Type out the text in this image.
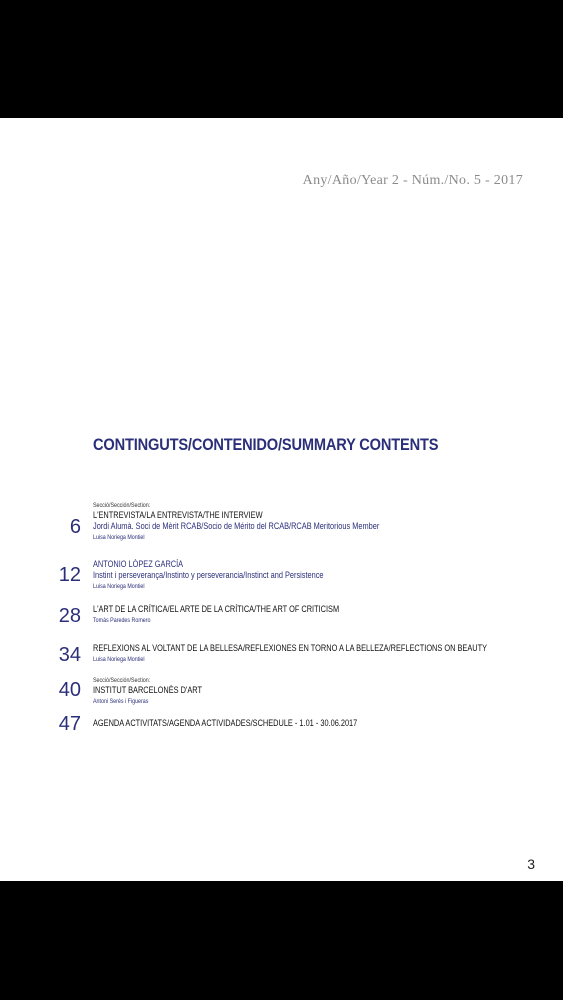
Any/Año/Year 2 - Núm./No. 5 - 2017
CONTINGUTS/CONTENIDO/SUMMARY CONTENTS
6
Secció/Sección/Section:
L'ENTREVISTA/LA ENTREVISTA/THE INTERVIEW
Jordi Alumà. Soci de Mèrit RCAB/Socio de Mérito del RCAB/RCAB Meritorious Member
Luisa Noriega Montiel
12 ANTONIO LÓPEZ GARCÍA
Instint i perseverança/Instinto y perseverancia/Instinct and Persistence
Luisa Noriega Montiel
28 L'ART DE LA CRÍTICA/EL ARTE DE LA CRÍTICA/THE ART OF CRITICISM
Tomàs Paredes Romero
34 REFLEXIONS AL VOLTANT DE LA BELLESA/REFLEXIONES EN TORNO A LA BELLEZA/REFLECTIONS ON BEAUTY
Luisa Noriega Montiel
40 Secció/Sección/Section:
INSTITUT BARCELONÈS D'ART
Antoni Serés i Figueras
47 AGENDA ACTIVITATS/AGENDA ACTIVIDADES/SCHEDULE - 1.01 - 30.06.2017
3
